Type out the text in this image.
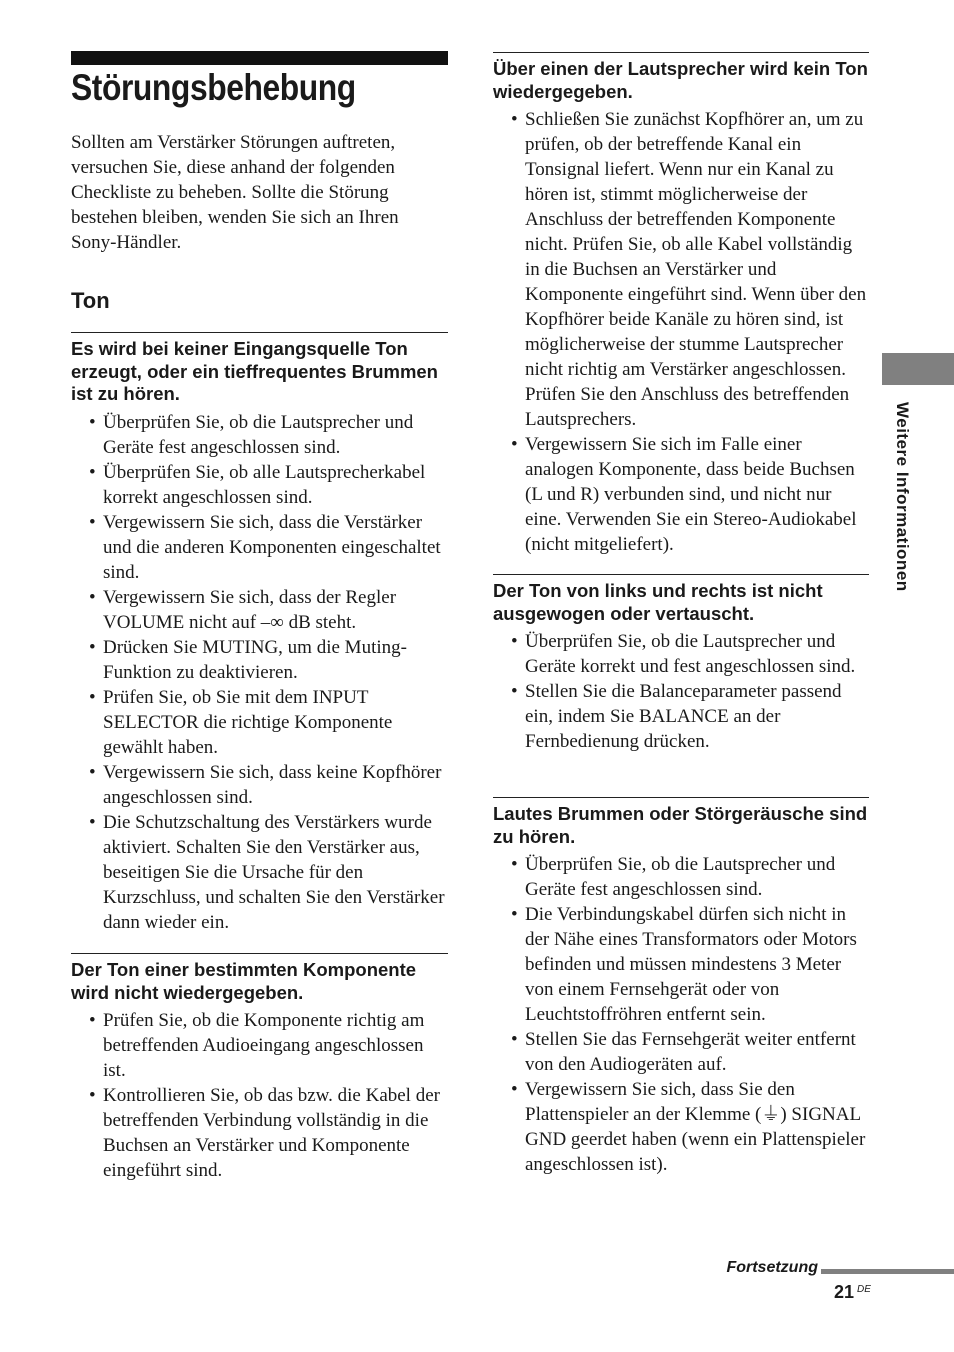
Störungsbehebung

Sollten am Verstärker Störungen auftreten, versuchen Sie, diese anhand der folgenden Checkliste zu beheben. Sollte die Störung bestehen bleiben, wenden Sie sich an Ihren Sony-Händler.

Ton
Es wird bei keiner Eingangsquelle Ton erzeugt, oder ein tieffrequentes Brummen ist zu hören.
• Überprüfen Sie, ob die Lautsprecher und Geräte fest angeschlossen sind.
• Überprüfen Sie, ob alle Lautsprecherkabel korrekt angeschlossen sind.
• Vergewissern Sie sich, dass die Verstärker und die anderen Komponenten eingeschaltet sind.
• Vergewissern Sie sich, dass der Regler VOLUME nicht auf –∞ dB steht.
• Drücken Sie MUTING, um die Muting-Funktion zu deaktivieren.
• Prüfen Sie, ob Sie mit dem INPUT SELECTOR die richtige Komponente gewählt haben.
• Vergewissern Sie sich, dass keine Kopfhörer angeschlossen sind.
• Die Schutzschaltung des Verstärkers wurde aktiviert. Schalten Sie den Verstärker aus, beseitigen Sie die Ursache für den Kurzschluss, und schalten Sie den Verstärker dann wieder ein.
Der Ton einer bestimmten Komponente wird nicht wiedergegeben.
• Prüfen Sie, ob die Komponente richtig am betreffenden Audioeingang angeschlossen ist.
• Kontrollieren Sie, ob das bzw. die Kabel der betreffenden Verbindung vollständig in die Buchsen an Verstärker und Komponente eingeführt sind.
Über einen der Lautsprecher wird kein Ton wiedergegeben.
• Schließen Sie zunächst Kopfhörer an, um zu prüfen, ob der betreffende Kanal ein Tonsignal liefert. Wenn nur ein Kanal zu hören ist, stimmt möglicherweise der Anschluss der betreffenden Komponente nicht. Prüfen Sie, ob alle Kabel vollständig in die Buchsen an Verstärker und Komponente eingeführt sind. Wenn über den Kopfhörer beide Kanäle zu hören sind, ist möglicherweise der stumme Lautsprecher nicht richtig am Verstärker angeschlossen. Prüfen Sie den Anschluss des betreffenden Lautsprechers.
• Vergewissern Sie sich im Falle einer analogen Komponente, dass beide Buchsen (L und R) verbunden sind, und nicht nur eine. Verwenden Sie ein Stereo-Audiokabel (nicht mitgeliefert).
Der Ton von links und rechts ist nicht ausgewogen oder vertauscht.
• Überprüfen Sie, ob die Lautsprecher und Geräte korrekt und fest angeschlossen sind.
• Stellen Sie die Balanceparameter passend ein, indem Sie BALANCE an der Fernbedienung drücken.
Lautes Brummen oder Störgeräusche sind zu hören.
• Überprüfen Sie, ob die Lautsprecher und Geräte fest angeschlossen sind.
• Die Verbindungskabel dürfen sich nicht in der Nähe eines Transformators oder Motors befinden und müssen mindestens 3 Meter von einem Fernsehgerät oder von Leuchtstoffröhren entfernt sein.
• Stellen Sie das Fernsehgerät weiter entfernt von den Audiogeräten auf.
• Vergewissern Sie sich, dass Sie den Plattenspieler an der Klemme (⏚) SIGNAL GND geerdet haben (wenn ein Plattenspieler angeschlossen ist).
Weitere Informationen
Fortsetzung
21 DE
